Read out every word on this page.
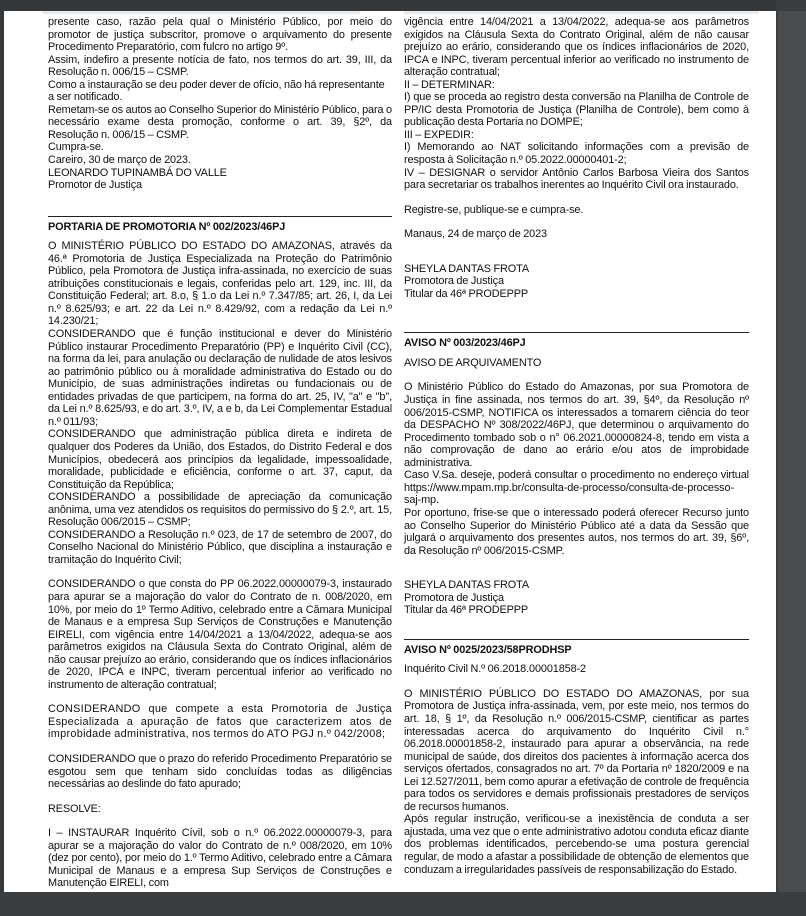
presente caso, razão pela qual o Ministério Público, por meio do promotor de justiça subscritor, promove o arquivamento do presente Procedimento Preparatório, com fulcro no artigo 9º.

Assim, indefiro a presente notícia de fato, nos termos do art. 39, III, da Resolução n. 006/15 – CSMP.

Como a instauração se deu poder dever de ofício, não há representante a ser notificado.

Remetam-se os autos ao Conselho Superior do Ministério Público, para o necessário exame desta promoção, conforme o art. 39, §2º, da Resolução n. 006/15 – CSMP.

Cumpra-se.

Careiro, 30 de março de 2023.

LEONARDO TUPINAMBÁ DO VALLE

Promotor de Justiça

PORTARIA DE PROMOTORIA Nº 002/2023/46PJ

O MINISTÉRIO PÚBLICO DO ESTADO DO AMAZONAS, através da 46.ª Promotoria de Justiça Especializada na Proteção do Patrimônio Público, pela Promotora de Justiça infra-assinada, no exercício de suas atribuições constitucionais e legais, conferidas pelo art. 129, inc. III, da Constituição Federal; art. 8.o, § 1.o da Lei n.º 7.347/85; art. 26, I, da Lei n.º 8.625/93; e art. 22 da Lei n.º 8.429/92, com a redação da Lei n.º 14.230/21;

CONSIDERANDO que é função institucional e dever do Ministério Público instaurar Procedimento Preparatório (PP) e Inquérito Civil (CC), na forma da lei, para anulação ou declaração de nulidade de atos lesivos ao patrimônio público ou à moralidade administrativa do Estado ou do Município, de suas administrações indiretas ou fundacionais ou de entidades privadas de que participem, na forma do art. 25, IV, "a" e "b", da Lei n.º 8.625/93, e do art. 3.º, IV, a e b, da Lei Complementar Estadual n.º 011/93;

CONSIDERANDO que administração pública direta e indireta de qualquer dos Poderes da União, dos Estados, do Distrito Federal e dos Municípios, obedecerá aos princípios da legalidade, impessoalidade, moralidade, publicidade e eficiência, conforme o art. 37, caput, da Constituição da República;

CONSIDERANDO a possibilidade de apreciação da comunicação anônima, uma vez atendidos os requisitos do permissivo do § 2.º, art. 15, Resolução 006/2015 – CSMP;

CONSIDERANDO a Resolução n.º 023, de 17 de setembro de 2007, do Conselho Nacional do Ministério Público, que disciplina a instauração e tramitação do Inquérito Civil;

CONSIDERANDO o que consta do PP 06.2022.00000079-3, instaurado para apurar se a majoração do valor do Contrato de n. 008/2020, em 10%, por meio do 1º Termo Aditivo, celebrado entre a Câmara Municipal de Manaus e a empresa Sup Serviços de Construções e Manutenção EIRELI, com vigência entre 14/04/2021 a 13/04/2022, adequa-se aos parâmetros exigidos na Cláusula Sexta do Contrato Original, além de não causar prejuízo ao erário, considerando que os índices inflacionários de 2020, IPCA e INPC, tiveram percentual inferior ao verificado no instrumento de alteração contratual;

CONSIDERANDO que compete a esta Promotoria de Justiça Especializada a apuração de fatos que caracterizem atos de improbidade administrativa, nos termos do ATO PGJ n.º 042/2008;

CONSIDERANDO que o prazo do referido Procedimento Preparatório se esgotou sem que tenham sido concluídas todas as diligências necessárias ao deslinde do fato apurado;

RESOLVE:

I – INSTAURAR Inquérito Cívil, sob o n.º 06.2022.00000079-3, para apurar se a majoração do valor do Contrato de n.º 008/2020, em 10% (dez por cento), por meio do 1.º Termo Aditivo, celebrado entre a Câmara Municipal de Manaus e a empresa Sup Serviços de Construções e Manutenção EIRELI, com

vigência entre 14/04/2021 a 13/04/2022, adequa-se aos parâmetros exigidos na Cláusula Sexta do Contrato Original, além de não causar prejuízo ao erário, considerando que os índices inflacionários de 2020, IPCA e INPC, tiveram percentual inferior ao verificado no instrumento de alteração contratual;

II – DETERMINAR:

I) que se proceda ao registro desta conversão na Planilha de Controle de PP/IC desta Promotoria de Justiça (Planilha de Controle), bem como à publicação desta Portaria no DOMPE;

III – EXPEDIR:

I) Memorando ao NAT solicitando informações com a previsão de resposta à Solicitação n.º 05.2022.00000401-2;

IV – DESIGNAR o servidor Antônio Carlos Barbosa Vieira dos Santos para secretariar os trabalhos inerentes ao Inquérito Civil ora instaurado.

Registre-se, publique-se e cumpra-se.

Manaus, 24 de março de 2023

SHEYLA DANTAS FROTA

Promotora de Justiça

Titular da 46ª PRODEPPP

AVISO Nº 003/2023/46PJ

AVISO DE ARQUIVAMENTO

O Ministério Público do Estado do Amazonas, por sua Promotora de Justiça in fine assinada, nos termos do art. 39, §4º, da Resolução nº 006/2015-CSMP, NOTIFICA os interessados a tomarem ciência do teor da DESPACHO Nº 308/2022/46PJ, que determinou o arquivamento do Procedimento tombado sob o n° 06.2021.00000824-8, tendo em vista a não comprovação de dano ao erário e/ou atos de improbidade administrativa.

Caso V.Sa. deseje, poderá consultar o procedimento no endereço virtual https://www.mpam.mp.br/consulta-de-processo/consulta-de-processo-saj-mp.

Por oportuno, frise-se que o interessado poderá oferecer Recurso junto ao Conselho Superior do Ministério Público até a data da Sessão que julgará o arquivamento dos presentes autos, nos termos do art. 39, §6º, da Resolução nº 006/2015-CSMP.

SHEYLA DANTAS FROTA

Promotora de Justiça

Titular da 46ª PRODEPPP

AVISO Nº 0025/2023/58PRODHSP

Inquérito Civil N.º 06.2018.00001858-2

O MINISTÉRIO PÚBLICO DO ESTADO DO AMAZONAS, por sua Promotora de Justiça infra-assinada, vem, por este meio, nos termos do art. 18, § 1º, da Resolução n.º 006/2015-CSMP, cientificar as partes interessadas acerca do arquivamento do Inquérito Civil n.° 06.2018.00001858-2, instaurado para apurar a observância, na rede municipal de saúde, dos direitos dos pacientes à informação acerca dos serviços ofertados, consagrados no art. 7º da Portaria nº 1820/2009 e na Lei 12.527/2011, bem como apurar a efetivação de controle de frequência para todos os servidores e demais profissionais prestadores de serviços de recursos humanos.

Após regular instrução, verificou-se a inexistência de conduta a ser ajustada, uma vez que o ente administrativo adotou conduta eficaz diante dos problemas identificados, percebendo-se uma postura gerencial regular, de modo a afastar a possibilidade de obtenção de elementos que conduzam a irregularidades passíveis de responsabilização do Estado.
